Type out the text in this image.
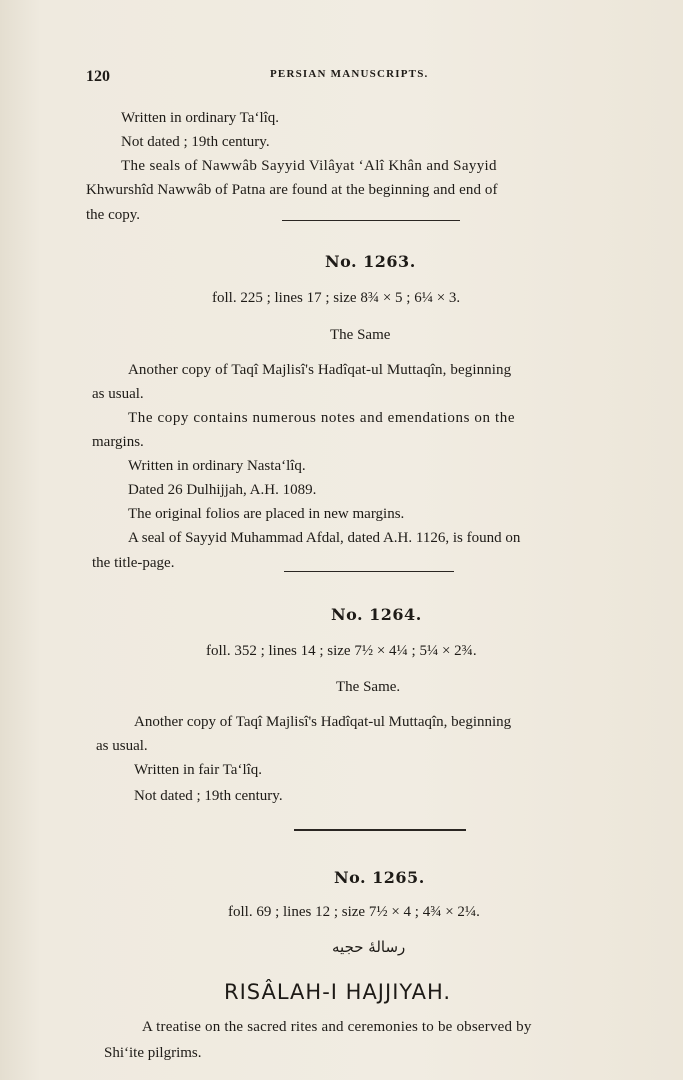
120	PERSIAN MANUSCRIPTS.
Written in ordinary Ta‘lîq.
Not dated ; 19th century.
The seals of Nawwâb Sayyid Vilâyat ‘Alî Khân and Sayyid
Khwurshîd Nawwâb of Patna are found at the beginning and end of
the copy.
No. 1263.
foll. 225 ; lines 17 ; size 8¾ × 5 ; 6¼ × 3.
The Same
Another copy of Taqî Majlisî's Hadîqat-ul Muttaqîn, beginning
as usual.
The copy contains numerous notes and emendations on the
margins.
Written in ordinary Nasta‘lîq.
Dated 26 Dulhijjah, A.H. 1089.
The original folios are placed in new margins.
A seal of Sayyid Muhammad Afdal, dated A.H. 1126, is found on
the title-page.
No. 1264.
foll. 352 ; lines 14 ; size 7½ × 4¼ ; 5¼ × 2¾.
The Same.
Another copy of Taqî Majlisî's Hadîqat-ul Muttaqîn, beginning
as usual.
Written in fair Ta‘lîq.
Not dated ; 19th century.
No. 1265.
foll. 69 ; lines 12 ; size 7½ × 4 ; 4¾ × 2¼.
رسالهٔ حجیه
RISÂLAH-I HAJJIYAH.
A treatise on the sacred rites and ceremonies to be observed by
Shi‘ite pilgrims.
